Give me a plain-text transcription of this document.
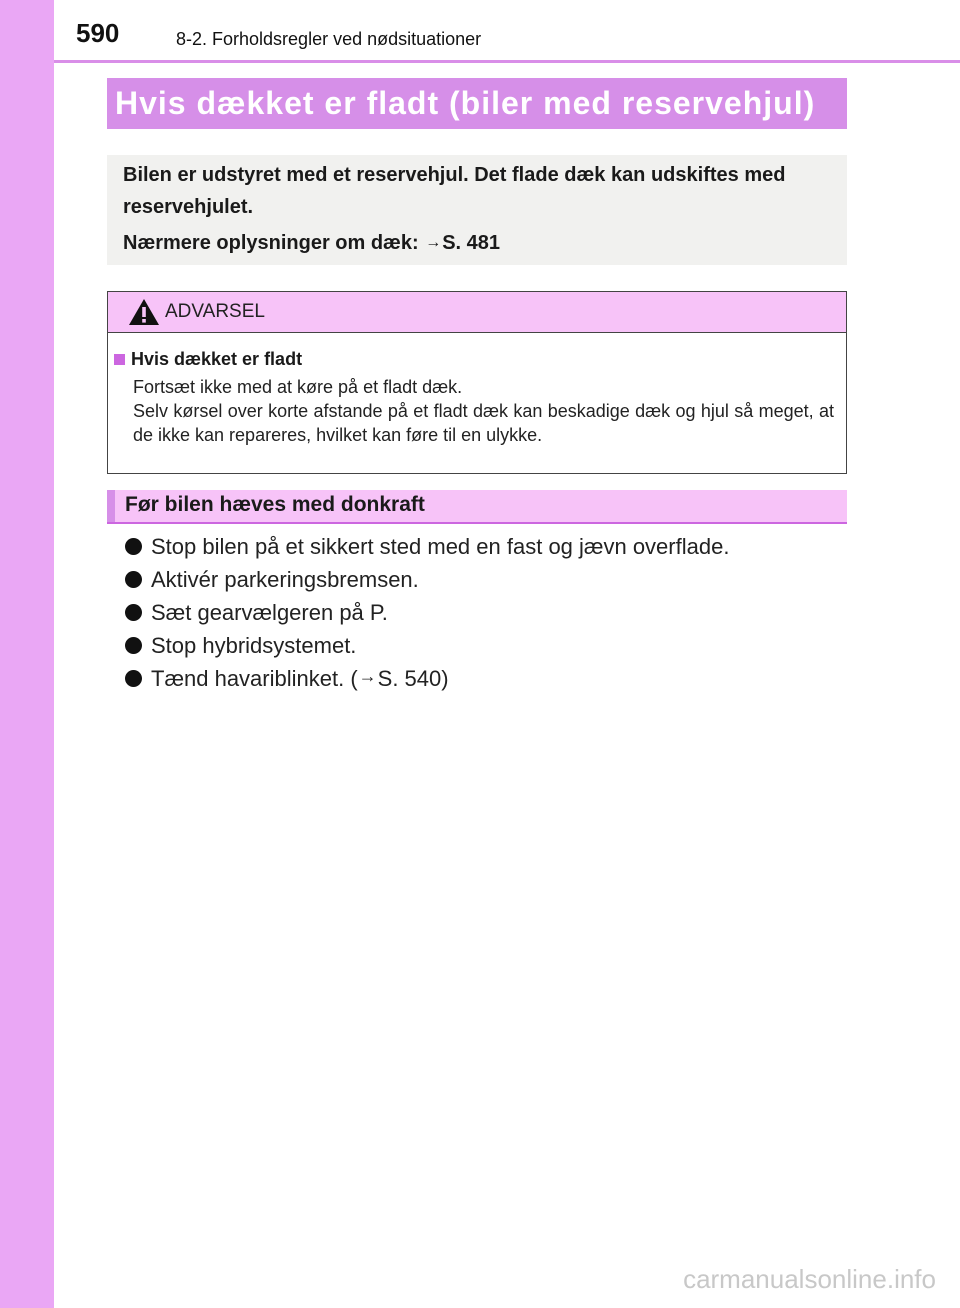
590	8-2. Forholdsregler ved nødsituationer
Hvis dækket er fladt (biler med reservehjul)
Bilen er udstyret med et reservehjul. Det flade dæk kan udskiftes med reservehjulet.
Nærmere oplysninger om dæk: →S. 481
ADVARSEL
Hvis dækket er fladt
Fortsæt ikke med at køre på et fladt dæk.
Selv kørsel over korte afstande på et fladt dæk kan beskadige dæk og hjul så meget, at de ikke kan repareres, hvilket kan føre til en ulykke.
Før bilen hæves med donkraft
Stop bilen på et sikkert sted med en fast og jævn overflade.
Aktivér parkeringsbremsen.
Sæt gearvælgeren på P.
Stop hybridsystemet.
Tænd havariblinket. ( → S. 540 )
carmanualsonline.info
